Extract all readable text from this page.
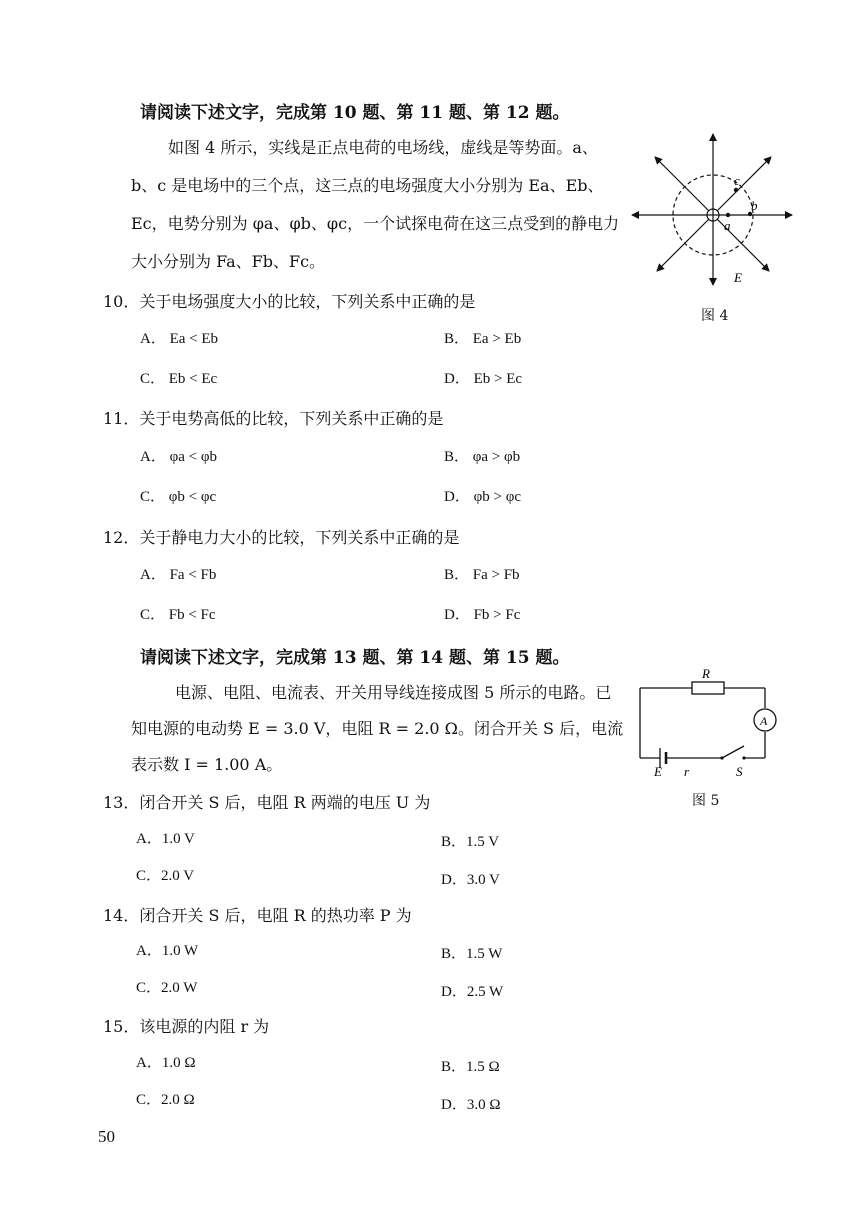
请阅读下述文字，完成第 10 题、第 11 题、第 12 题。
如图 4 所示，实线是正点电荷的电场线，虚线是等势面。a、
b、c 是电场中的三个点，这三点的电场强度大小分别为 Ea、Eb、
Ec，电势分别为 φa、φb、φc，一个试探电荷在这三点受到的静电力
大小分别为 Fa、Fb、Fc。
a
b
c
E
图 4
10．关于电场强度大小的比较，下列关系中正确的是
A． Ea < Eb	B． Ea > Eb
C． Eb < Ec	D． Eb > Ec
11．关于电势高低的比较，下列关系中正确的是
A． φa < φb	B． φa > φb
C． φb < φc	D． φb > φc
12．关于静电力大小的比较，下列关系中正确的是
A． Fa < Fb	B． Fa > Fb
C． Fb < Fc	D． Fb > Fc
请阅读下述文字，完成第 13 题、第 14 题、第 15 题。
电源、电阻、电流表、开关用导线连接成图 5 所示的电路。已
知电源的电动势 E = 3.0 V，电阻 R = 2.0 Ω。闭合开关 S 后，电流
表示数 I = 1.00 A。
R
A
E r	S
图 5
13．闭合开关 S 后，电阻 R 两端的电压 U 为
A．1.0 V	B．1.5 V
C．2.0 V	D．3.0 V
14．闭合开关 S 后，电阻 R 的热功率 P 为
A．1.0 W	B．1.5 W
C．2.0 W	D．2.5 W
15．该电源的内阻 r 为
A．1.0 Ω	B．1.5 Ω
C．2.0 Ω	D．3.0 Ω
50
